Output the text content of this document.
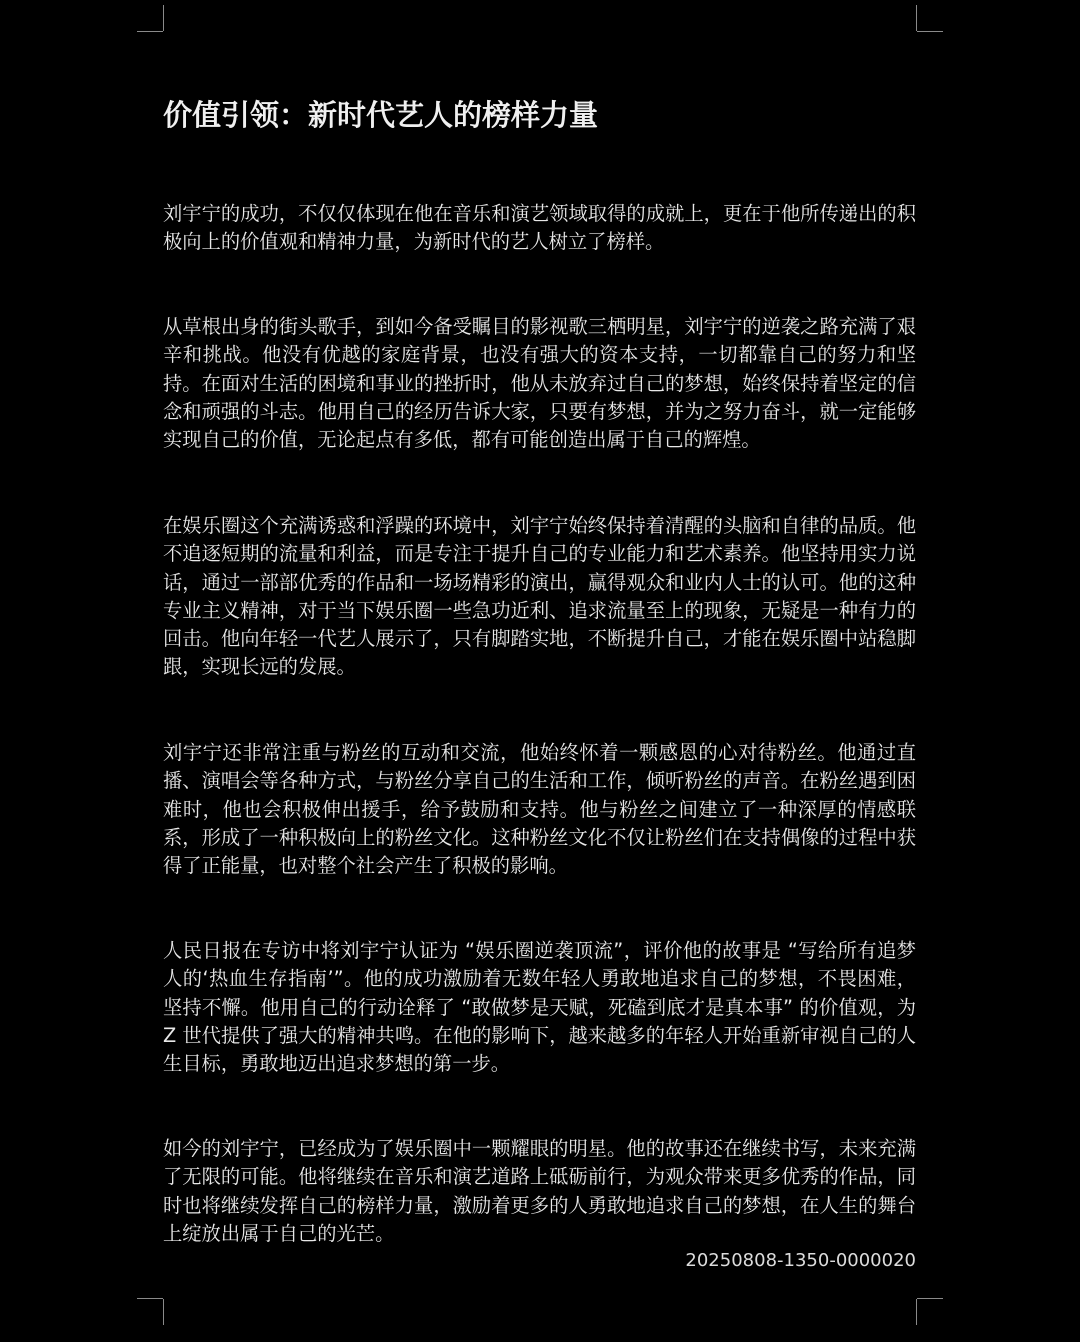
价值引领：新时代艺人的榜样力量

刘宇宁的成功，不仅仅体现在他在音乐和演艺领域取得的成就上，更在于他所传递出的积极向上的价值观和精神力量，为新时代的艺人树立了榜样。

从草根出身的街头歌手，到如今备受瞩目的影视歌三栖明星，刘宇宁的逆袭之路充满了艰辛和挑战。他没有优越的家庭背景，也没有强大的资本支持，一切都靠自己的努力和坚持。在面对生活的困境和事业的挫折时，他从未放弃过自己的梦想，始终保持着坚定的信念和顽强的斗志。他用自己的经历告诉大家，只要有梦想，并为之努力奋斗，就一定能够实现自己的价值，无论起点有多低，都有可能创造出属于自己的辉煌。

在娱乐圈这个充满诱惑和浮躁的环境中，刘宇宁始终保持着清醒的头脑和自律的品质。他不追逐短期的流量和利益，而是专注于提升自己的专业能力和艺术素养。他坚持用实力说话，通过一部部优秀的作品和一场场精彩的演出，赢得观众和业内人士的认可。他的这种专业主义精神，对于当下娱乐圈一些急功近利、追求流量至上的现象，无疑是一种有力的回击。他向年轻一代艺人展示了，只有脚踏实地，不断提升自己，才能在娱乐圈中站稳脚跟，实现长远的发展。

刘宇宁还非常注重与粉丝的互动和交流，他始终怀着一颗感恩的心对待粉丝。他通过直播、演唱会等各种方式，与粉丝分享自己的生活和工作，倾听粉丝的声音。在粉丝遇到困难时，他也会积极伸出援手，给予鼓励和支持。他与粉丝之间建立了一种深厚的情感联系，形成了一种积极向上的粉丝文化。这种粉丝文化不仅让粉丝们在支持偶像的过程中获得了正能量，也对整个社会产生了积极的影响。

人民日报在专访中将刘宇宁认证为 “娱乐圈逆袭顶流”，评价他的故事是 “写给所有追梦人的‘热血生存指南’”。他的成功激励着无数年轻人勇敢地追求自己的梦想，不畏困难，坚持不懈。他用自己的行动诠释了 “敢做梦是天赋，死磕到底才是真本事” 的价值观，为 Z 世代提供了强大的精神共鸣。在他的影响下，越来越多的年轻人开始重新审视自己的人生目标，勇敢地迈出追求梦想的第一步。

如今的刘宇宁，已经成为了娱乐圈中一颗耀眼的明星。他的故事还在继续书写，未来充满了无限的可能。他将继续在音乐和演艺道路上砥砺前行，为观众带来更多优秀的作品，同时也将继续发挥自己的榜样力量，激励着更多的人勇敢地追求自己的梦想，在人生的舞台上绽放出属于自己的光芒。

20250808-1350-0000020
